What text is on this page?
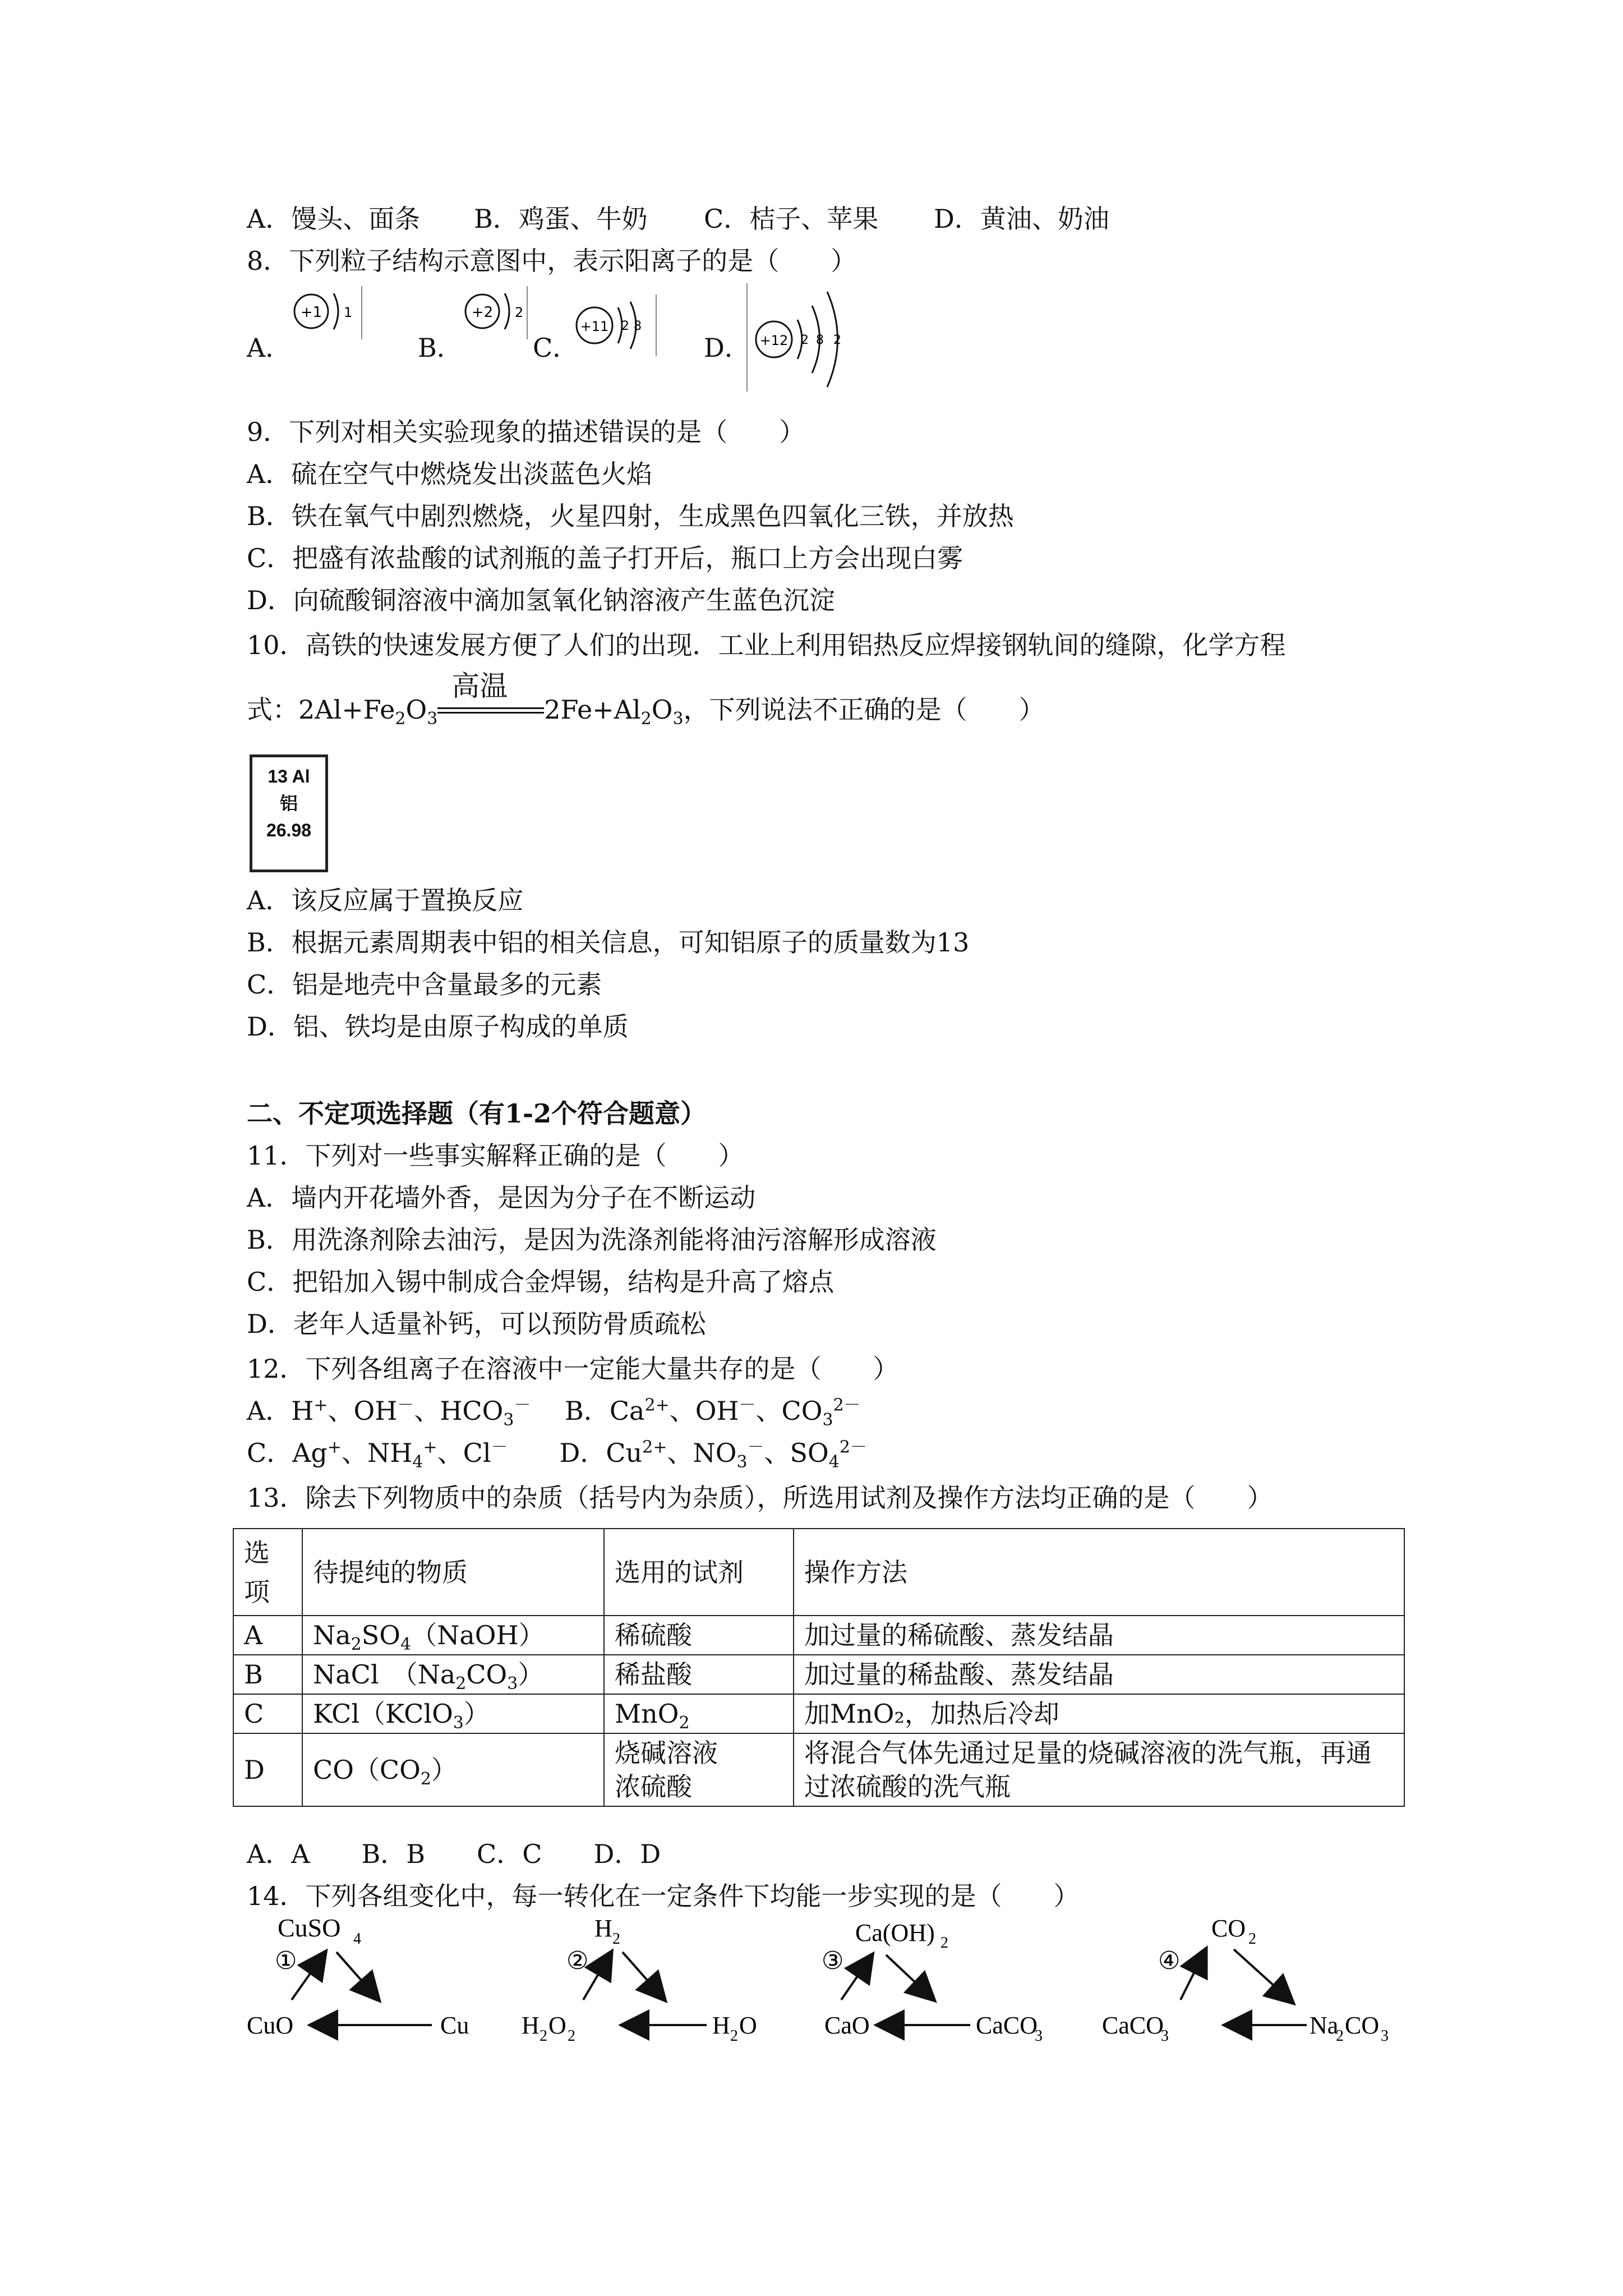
A．馒头、面条 B．鸡蛋、牛奶 C．桔子、苹果 D．黄油、奶油
8．下列粒子结构示意图中，表示阳离子的是（　　）
A．	B．	C．	D．
+1 1	+2 2
+11 2 8
+12 2 8 2
9．下列对相关实验现象的描述错误的是（　　）
A．硫在空气中燃烧发出淡蓝色火焰
B．铁在氧气中剧烈燃烧，火星四射，生成黑色四氧化三铁，并放热
C．把盛有浓盐酸的试剂瓶的盖子打开后，瓶口上方会出现白雾
D．向硫酸铜溶液中滴加氢氧化钠溶液产生蓝色沉淀
10．高铁的快速发展方便了人们的出现．工业上利用铝热反应焊接钢轨间的缝隙，化学方程
式：$2Al+Fe_2O_3$
高温
$2Fe+Al_2O_3$，下列说法不正确的是（　　）
13 Al
铝
26.98
A．该反应属于置换反应
B．根据元素周期表中铝的相关信息，可知铝原子的质量数为13
C．铝是地壳中含量最多的元素
D．铝、铁均是由原子构成的单质
二、不定项选择题（有1-2个符合题意）
11．下列对一些事实解释正确的是（　　）
A．墙内开花墙外香，是因为分子在不断运动
B．用洗涤剂除去油污，是因为洗涤剂能将油污溶解形成溶液
C．把铅加入锡中制成合金焊锡，结构是升高了熔点
D．老年人适量补钙，可以预防骨质疏松
12．下列各组离子在溶液中一定能大量共存的是（　　）
A．H+、OH－、$HCO_3^-$　 B．$Ca^{2+}$、OH－、$CO_3^{2-}$
C．Ag+、$NH_4^+$、Cl－　　D．$Cu^{2+}$、$NO_3^-$、$SO_4^{2-}$
13．除去下列物质中的杂质（括号内为杂质），所选用试剂及操作方法均正确的是（　　）
选项	待提纯的物质	选用的试剂	操作方法
A	$Na_2SO_4(NaOH)$	稀硫酸	加过量的稀硫酸、蒸发结晶
B	NaCl　$(Na_2CO_3)$	稀盐酸	加过量的稀盐酸、蒸发结晶
C	KCl（KClO$_3$）	MnO$_2$	加MnO₂，加热后冷却
D	$CO(CO_2)$	烧碱溶液
浓硫酸	将混合气体先通过足量的烧碱溶液的洗气瓶，再通过浓硫酸的洗气瓶
A．A　　B．B　　C．C　　D．D
14．下列各组变化中，每一转化在一定条件下均能一步实现的是（　　）
CuSO 4
①
CuO	Cu
H 2
②
H 2 O 2	H 2 O
Ca(OH) 2
③
CaO	CaCO
3
CO 2
④
CaCO
3	Na
2 CO 3
